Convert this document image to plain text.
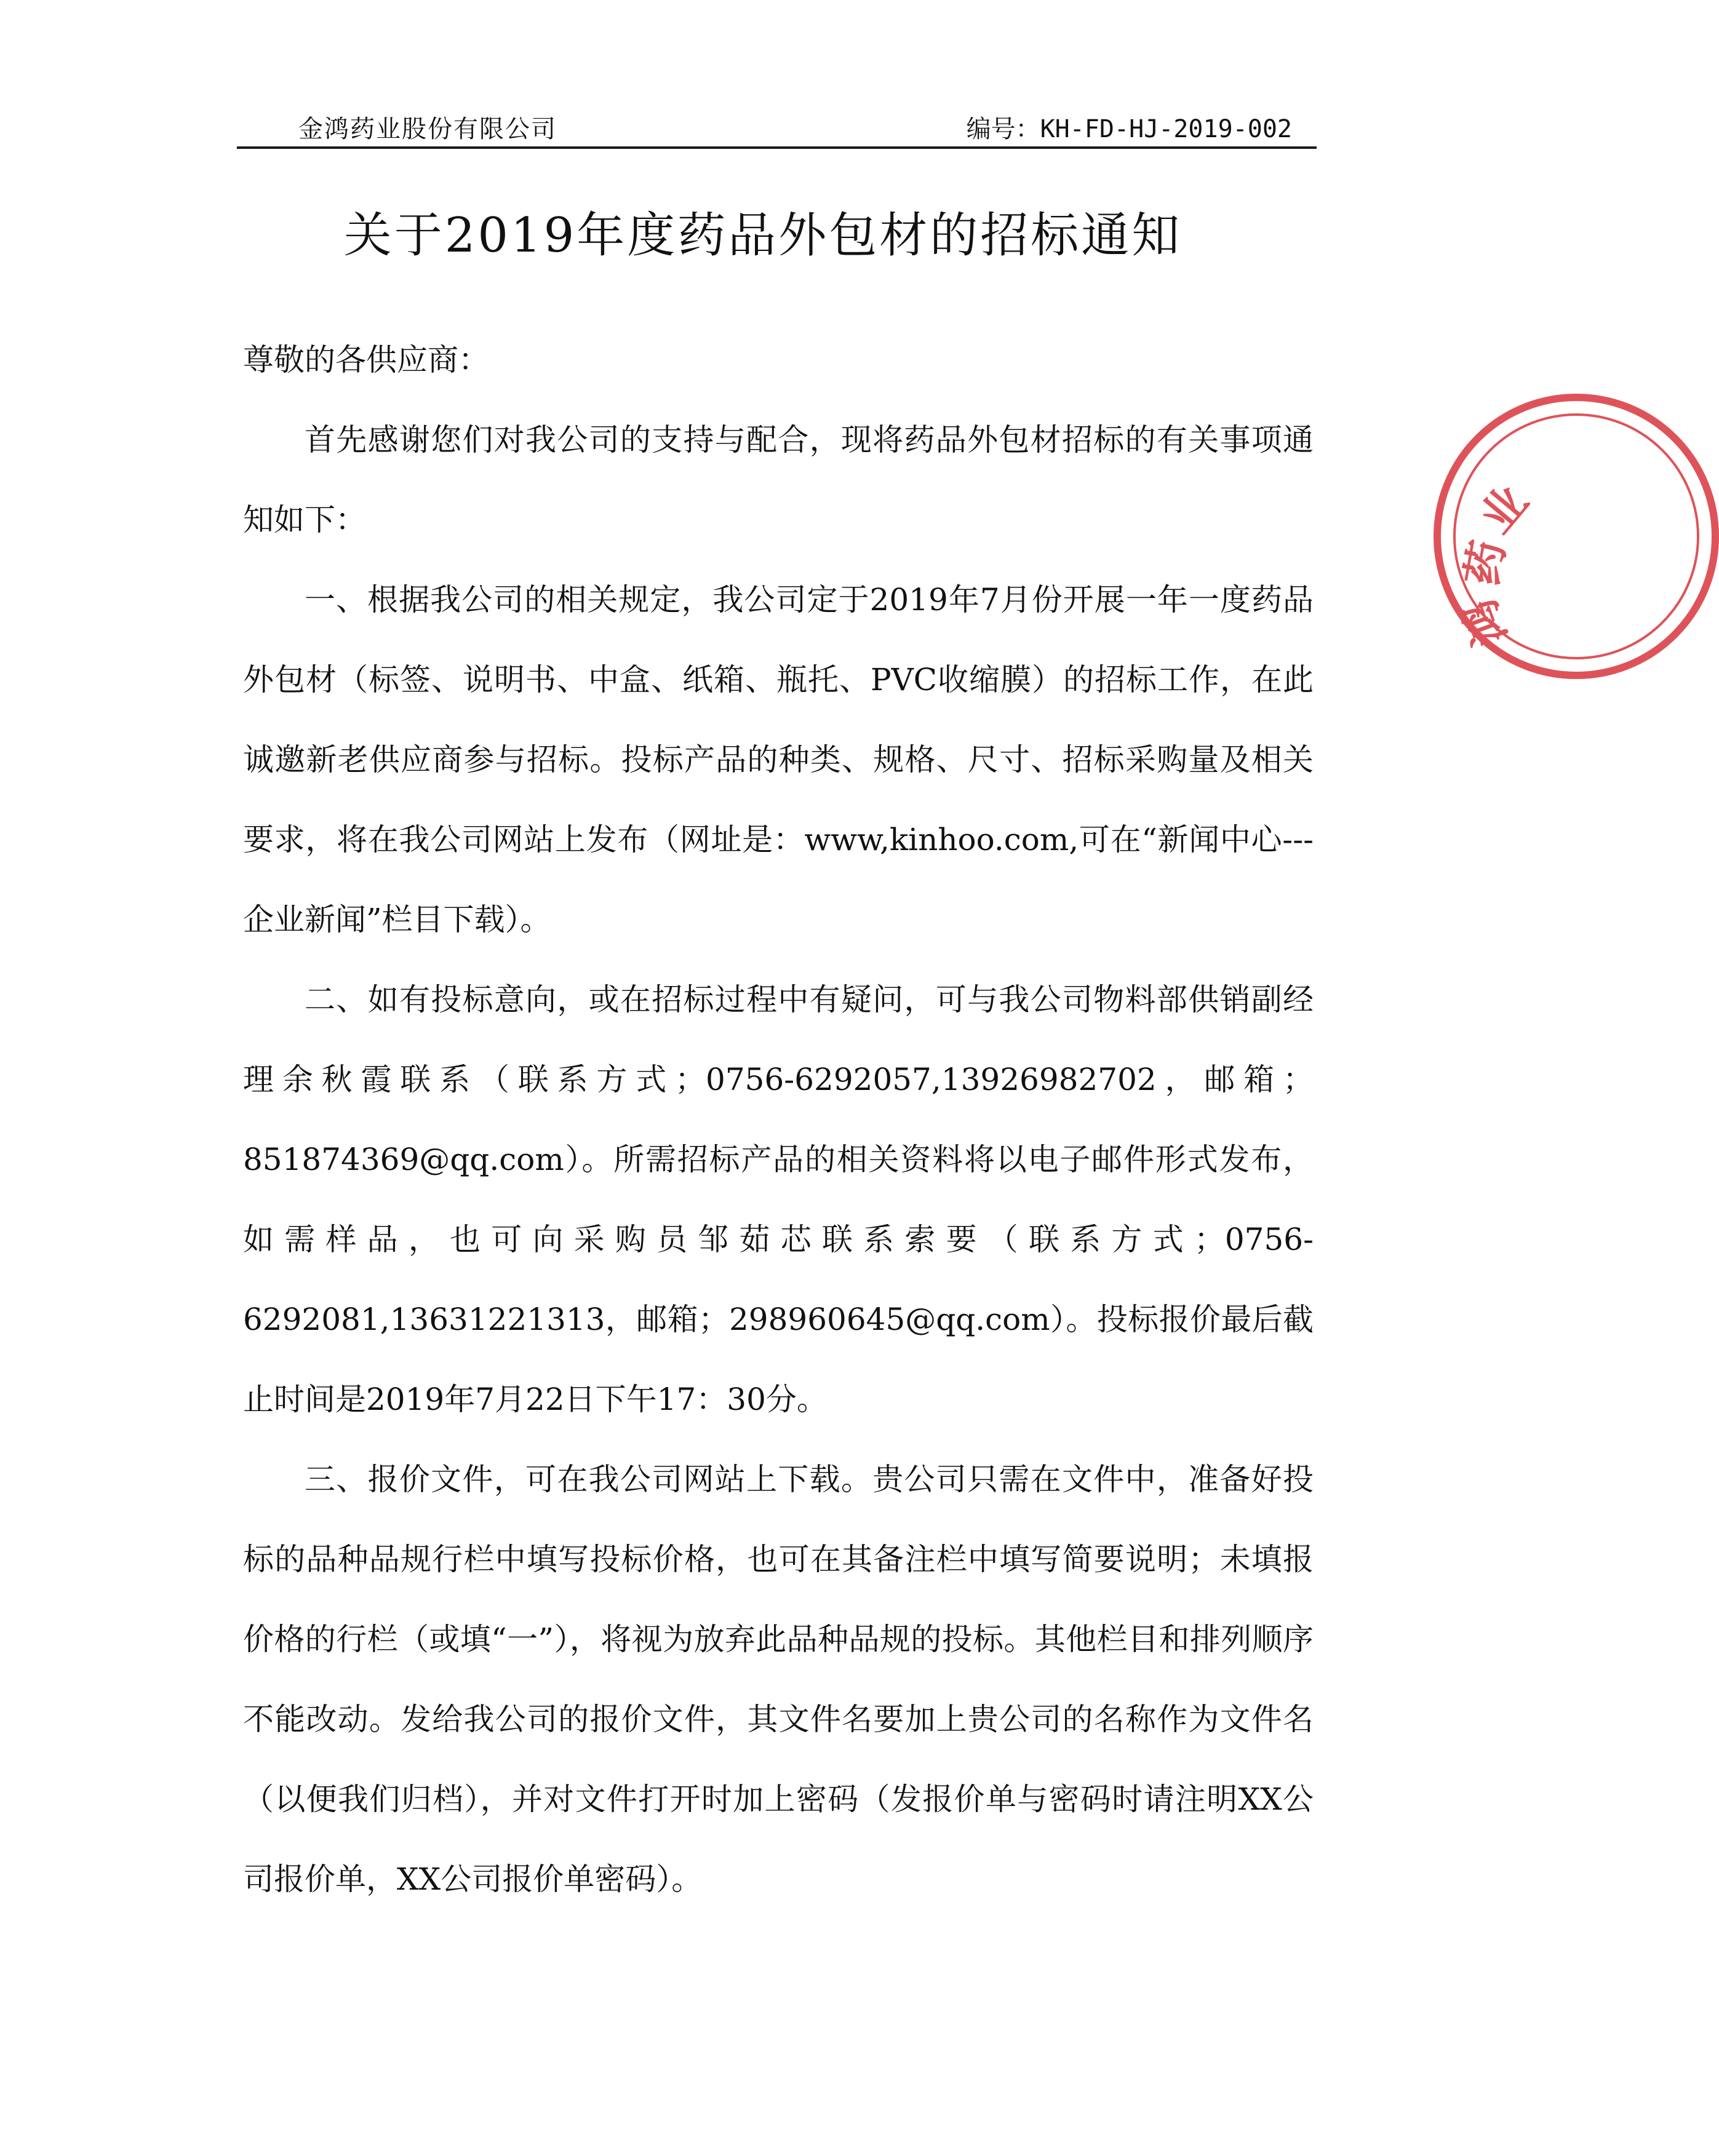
金鸿药业股份有限公司	编号：KH-FD-HJ-2019-002
关于2019年度药品外包材的招标通知

尊敬的各供应商：

首先感谢您们对我公司的支持与配合，现将药品外包材招标的有关事项通知如下：

一、根据我公司的相关规定，我公司定于2019年7月份开展一年一度药品外包材（标签、说明书、中盒、纸箱、瓶托、PVC收缩膜）的招标工作，在此诚邀新老供应商参与招标。投标产品的种类、规格、尺寸、招标采购量及相关要求，将在我公司网站上发布（网址是：www,kinhoo.com,可在“新闻中心---企业新闻”栏目下载）。

二、如有投标意向，或在招标过程中有疑问，可与我公司物料部供销副经理余秋霞联系（联系方式；0756-6292057,13926982702，邮箱；851874369@qq.com）。所需招标产品的相关资料将以电子邮件形式发布，如需样品，也可向采购员邹茹芯联系索要（联系方式；0756-6292081,13631221313，邮箱；298960645@qq.com）。投标报价最后截止时间是2019年7月22日下午17：30分。

三、报价文件，可在我公司网站上下载。贵公司只需在文件中，准备好投标的品种品规行栏中填写投标价格，也可在其备注栏中填写简要说明；未填报价格的行栏（或填“一”），将视为放弃此品种品规的投标。其他栏目和排列顺序不能改动。发给我公司的报价文件，其文件名要加上贵公司的名称作为文件名（以便我们归档），并对文件打开时加上密码（发报价单与密码时请注明XX公司报价单，XX公司报价单密码）。

业
药
鸿
